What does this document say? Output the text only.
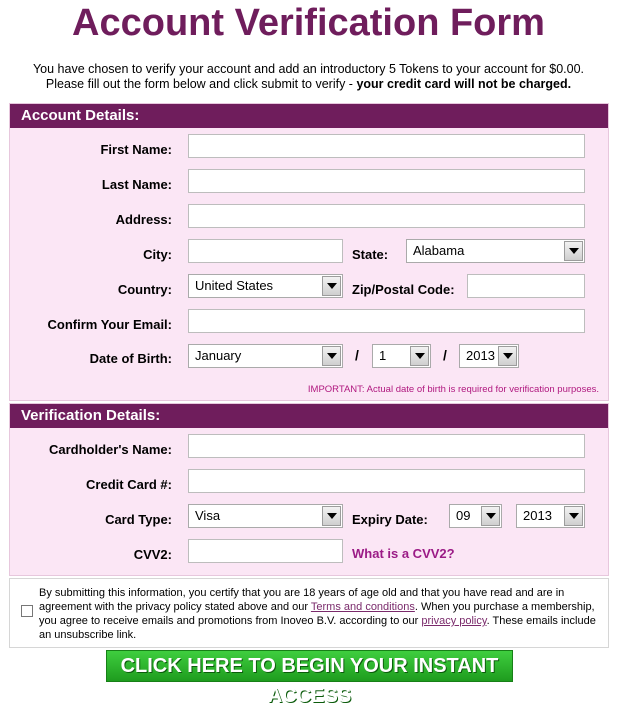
Account Verification Form
You have chosen to verify your account and add an introductory 5 Tokens to your account for $0.00.
Please fill out the form below and click submit to verify - your credit card will not be charged.
Account Details:
First Name:
Last Name:
Address:
City:	State:	Alabama
Country:	United States	Zip/Postal Code:
Confirm Your Email:
Date of Birth:	January	/	1	/	2013
IMPORTANT: Actual date of birth is required for verification purposes.
Verification Details:
Cardholder's Name:
Credit Card #:
Card Type:	Visa	Expiry Date:	09	2013
CVV2:	What is a CVV2?
By submitting this information, you certify that you are 18 years of age old and that you have read and are in agreement with the privacy policy stated above and our Terms and conditions. When you purchase a membership, you agree to receive emails and promotions from Inoveo B.V. according to our privacy policy. These emails include an unsubscribe link.
CLICK HERE TO BEGIN YOUR INSTANT ACCESS
